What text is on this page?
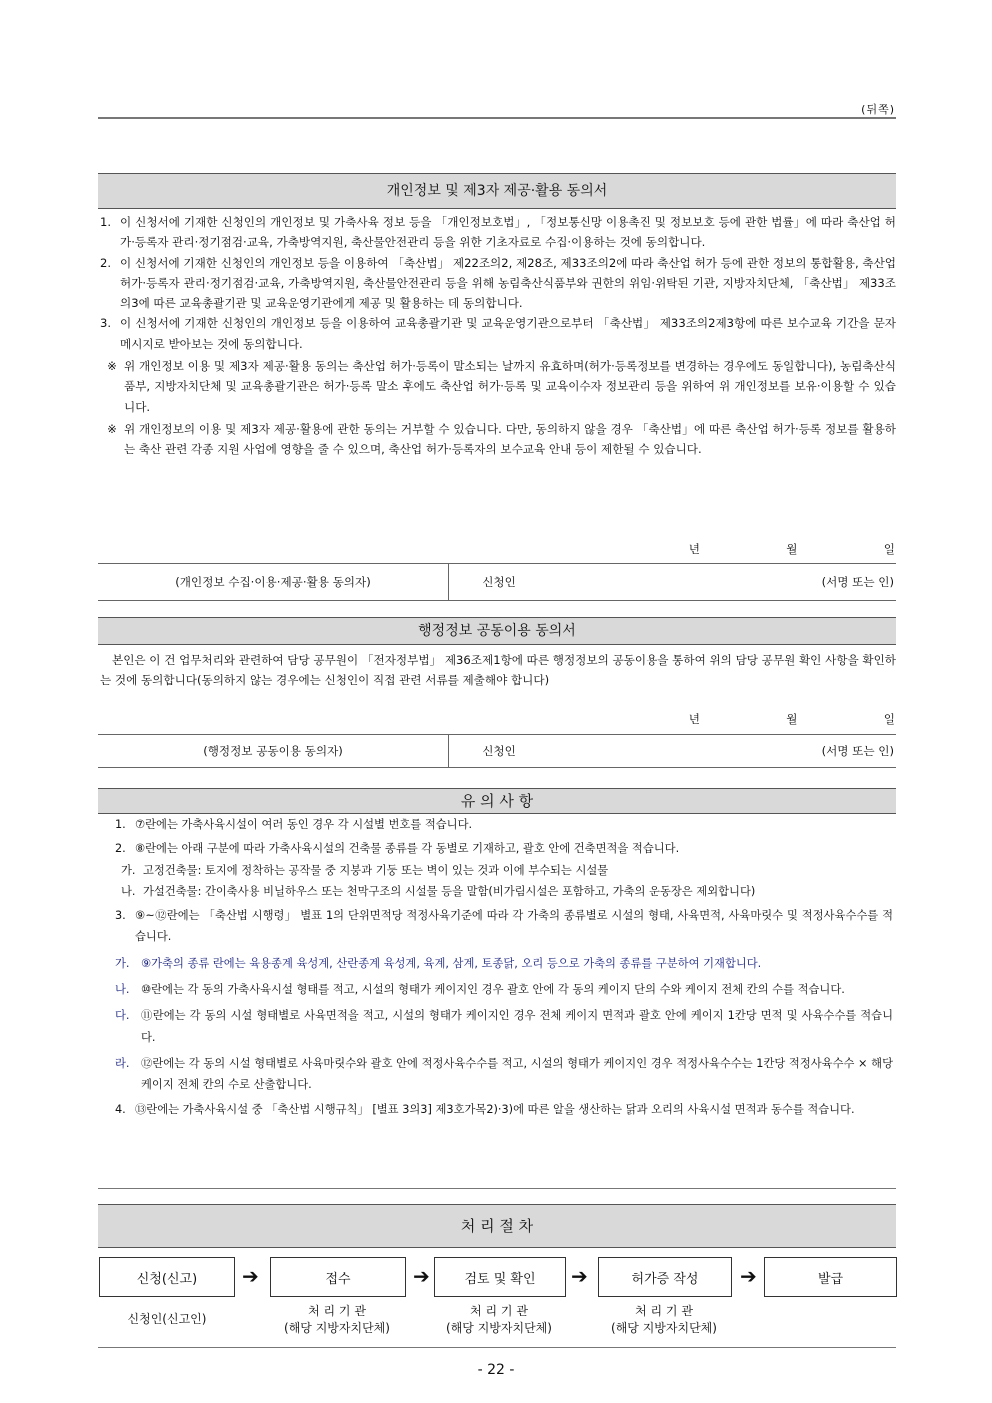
(뒤쪽)
개인정보 및 제3자 제공·활용 동의서
1. 이 신청서에 기재한 신청인의 개인정보 및 가축사육 정보 등을 「개인정보호법」, 「정보통신망 이용촉진 및 정보보호 등에 관한 법률」에 따라 축산업 허가·등록자 관리·정기점검·교육, 가축방역지원, 축산물안전관리 등을 위한 기초자료로 수집·이용하는 것에 동의합니다.
2. 이 신청서에 기재한 신청인의 개인정보 등을 이용하여 「축산법」 제22조의2, 제28조, 제33조의2에 따라 축산업 허가 등에 관한 정보의 통합활용, 축산업 허가·등록자 관리·정기점검·교육, 가축방역지원, 축산물안전관리 등을 위해 농림축산식품부와 권한의 위임·위탁된 기관, 지방자치단체, 「축산법」 제33조의3에 따른 교육총괄기관 및 교육운영기관에게 제공 및 활용하는 데 동의합니다.
3. 이 신청서에 기재한 신청인의 개인정보 등을 이용하여 교육총괄기관 및 교육운영기관으로부터 「축산법」 제33조의2제3항에 따른 보수교육 기간을 문자메시지로 받아보는 것에 동의합니다.
※ 위 개인정보 이용 및 제3자 제공·활용 동의는 축산업 허가·등록이 말소되는 날까지 유효하며(허가·등록정보를 변경하는 경우에도 동일합니다), 농림축산식품부, 지방자치단체 및 교육총괄기관은 허가·등록 말소 후에도 축산업 허가·등록 및 교육이수자 정보관리 등을 위하여 위 개인정보를 보유·이용할 수 있습니다.
※ 위 개인정보의 이용 및 제3자 제공·활용에 관한 동의는 거부할 수 있습니다. 다만, 동의하지 않을 경우 「축산법」에 따른 축산업 허가·등록 정보를 활용하는 축산 관련 각종 지원 사업에 영향을 줄 수 있으며, 축산업 허가·등록자의 보수교육 안내 등이 제한될 수 있습니다.
년	월	일
(개인정보 수집·이용·제공·활용 동의자)	신청인	(서명 또는 인)
행정정보 공동이용 동의서
본인은 이 건 업무처리와 관련하여 담당 공무원이 「전자정부법」 제36조제1항에 따른 행정정보의 공동이용을 통하여 위의 담당 공무원 확인 사항을 확인하는 것에 동의합니다(동의하지 않는 경우에는 신청인이 직접 관련 서류를 제출해야 합니다)
년	월	일
(행정정보 공동이용 동의자)	신청인	(서명 또는 인)
유 의 사 항
1. ⑦란에는 가축사육시설이 여러 동인 경우 각 시설별 번호를 적습니다.
2. ⑧란에는 아래 구분에 따라 가축사육시설의 건축물 종류를 각 동별로 기재하고, 괄호 안에 건축면적을 적습니다.
가. 고정건축물: 토지에 정착하는 공작물 중 지붕과 기둥 또는 벽이 있는 것과 이에 부수되는 시설물
나. 가설건축물: 간이축사용 비닐하우스 또는 천막구조의 시설물 등을 말함(비가림시설은 포함하고, 가축의 운동장은 제외합니다)
3. ⑨~⑫란에는 「축산법 시행령」 별표 1의 단위면적당 적정사육기준에 따라 각 가축의 종류별로 시설의 형태, 사육면적, 사육마릿수 및 적정사육수수를 적습니다.
가.	⑨가축의 종류 란에는 육용종계 육성계, 산란종계 육성계, 육계, 삼계, 토종닭, 오리 등으로 가축의 종류를 구분하여 기재합니다.
나.	⑩란에는 각 동의 가축사육시설 형태를 적고, 시설의 형태가 케이지인 경우 괄호 안에 각 동의 케이지 단의 수와 케이지 전체 칸의 수를 적습니다.
다.	⑪란에는 각 동의 시설 형태별로 사육면적을 적고, 시설의 형태가 케이지인 경우 전체 케이지 면적과 괄호 안에 케이지 1칸당 면적 및 사육수수를 적습니다.
라.	⑫란에는 각 동의 시설 형태별로 사육마릿수와 괄호 안에 적정사육수수를 적고, 시설의 형태가 케이지인 경우 적정사육수수는 1칸당 적정사육수수 × 해당 케이지 전체 칸의 수로 산출합니다.
4. ⑬란에는 가축사육시설 중 「축산법 시행규칙」 [별표 3의3] 제3호가목2)·3)에 따른 알을 생산하는 닭과 오리의 사육시설 면적과 동수를 적습니다.
처 리 절 차
신청(신고)	➔	접수	➔	검토 및 확인	➔	허가증 작성	➔	발급
신청인(신고인)
처 리 기 관
(해당 지방자치단체)
처 리 기 관
(해당 지방자치단체)
처 리 기 관
(해당 지방자치단체)
- 22 -
